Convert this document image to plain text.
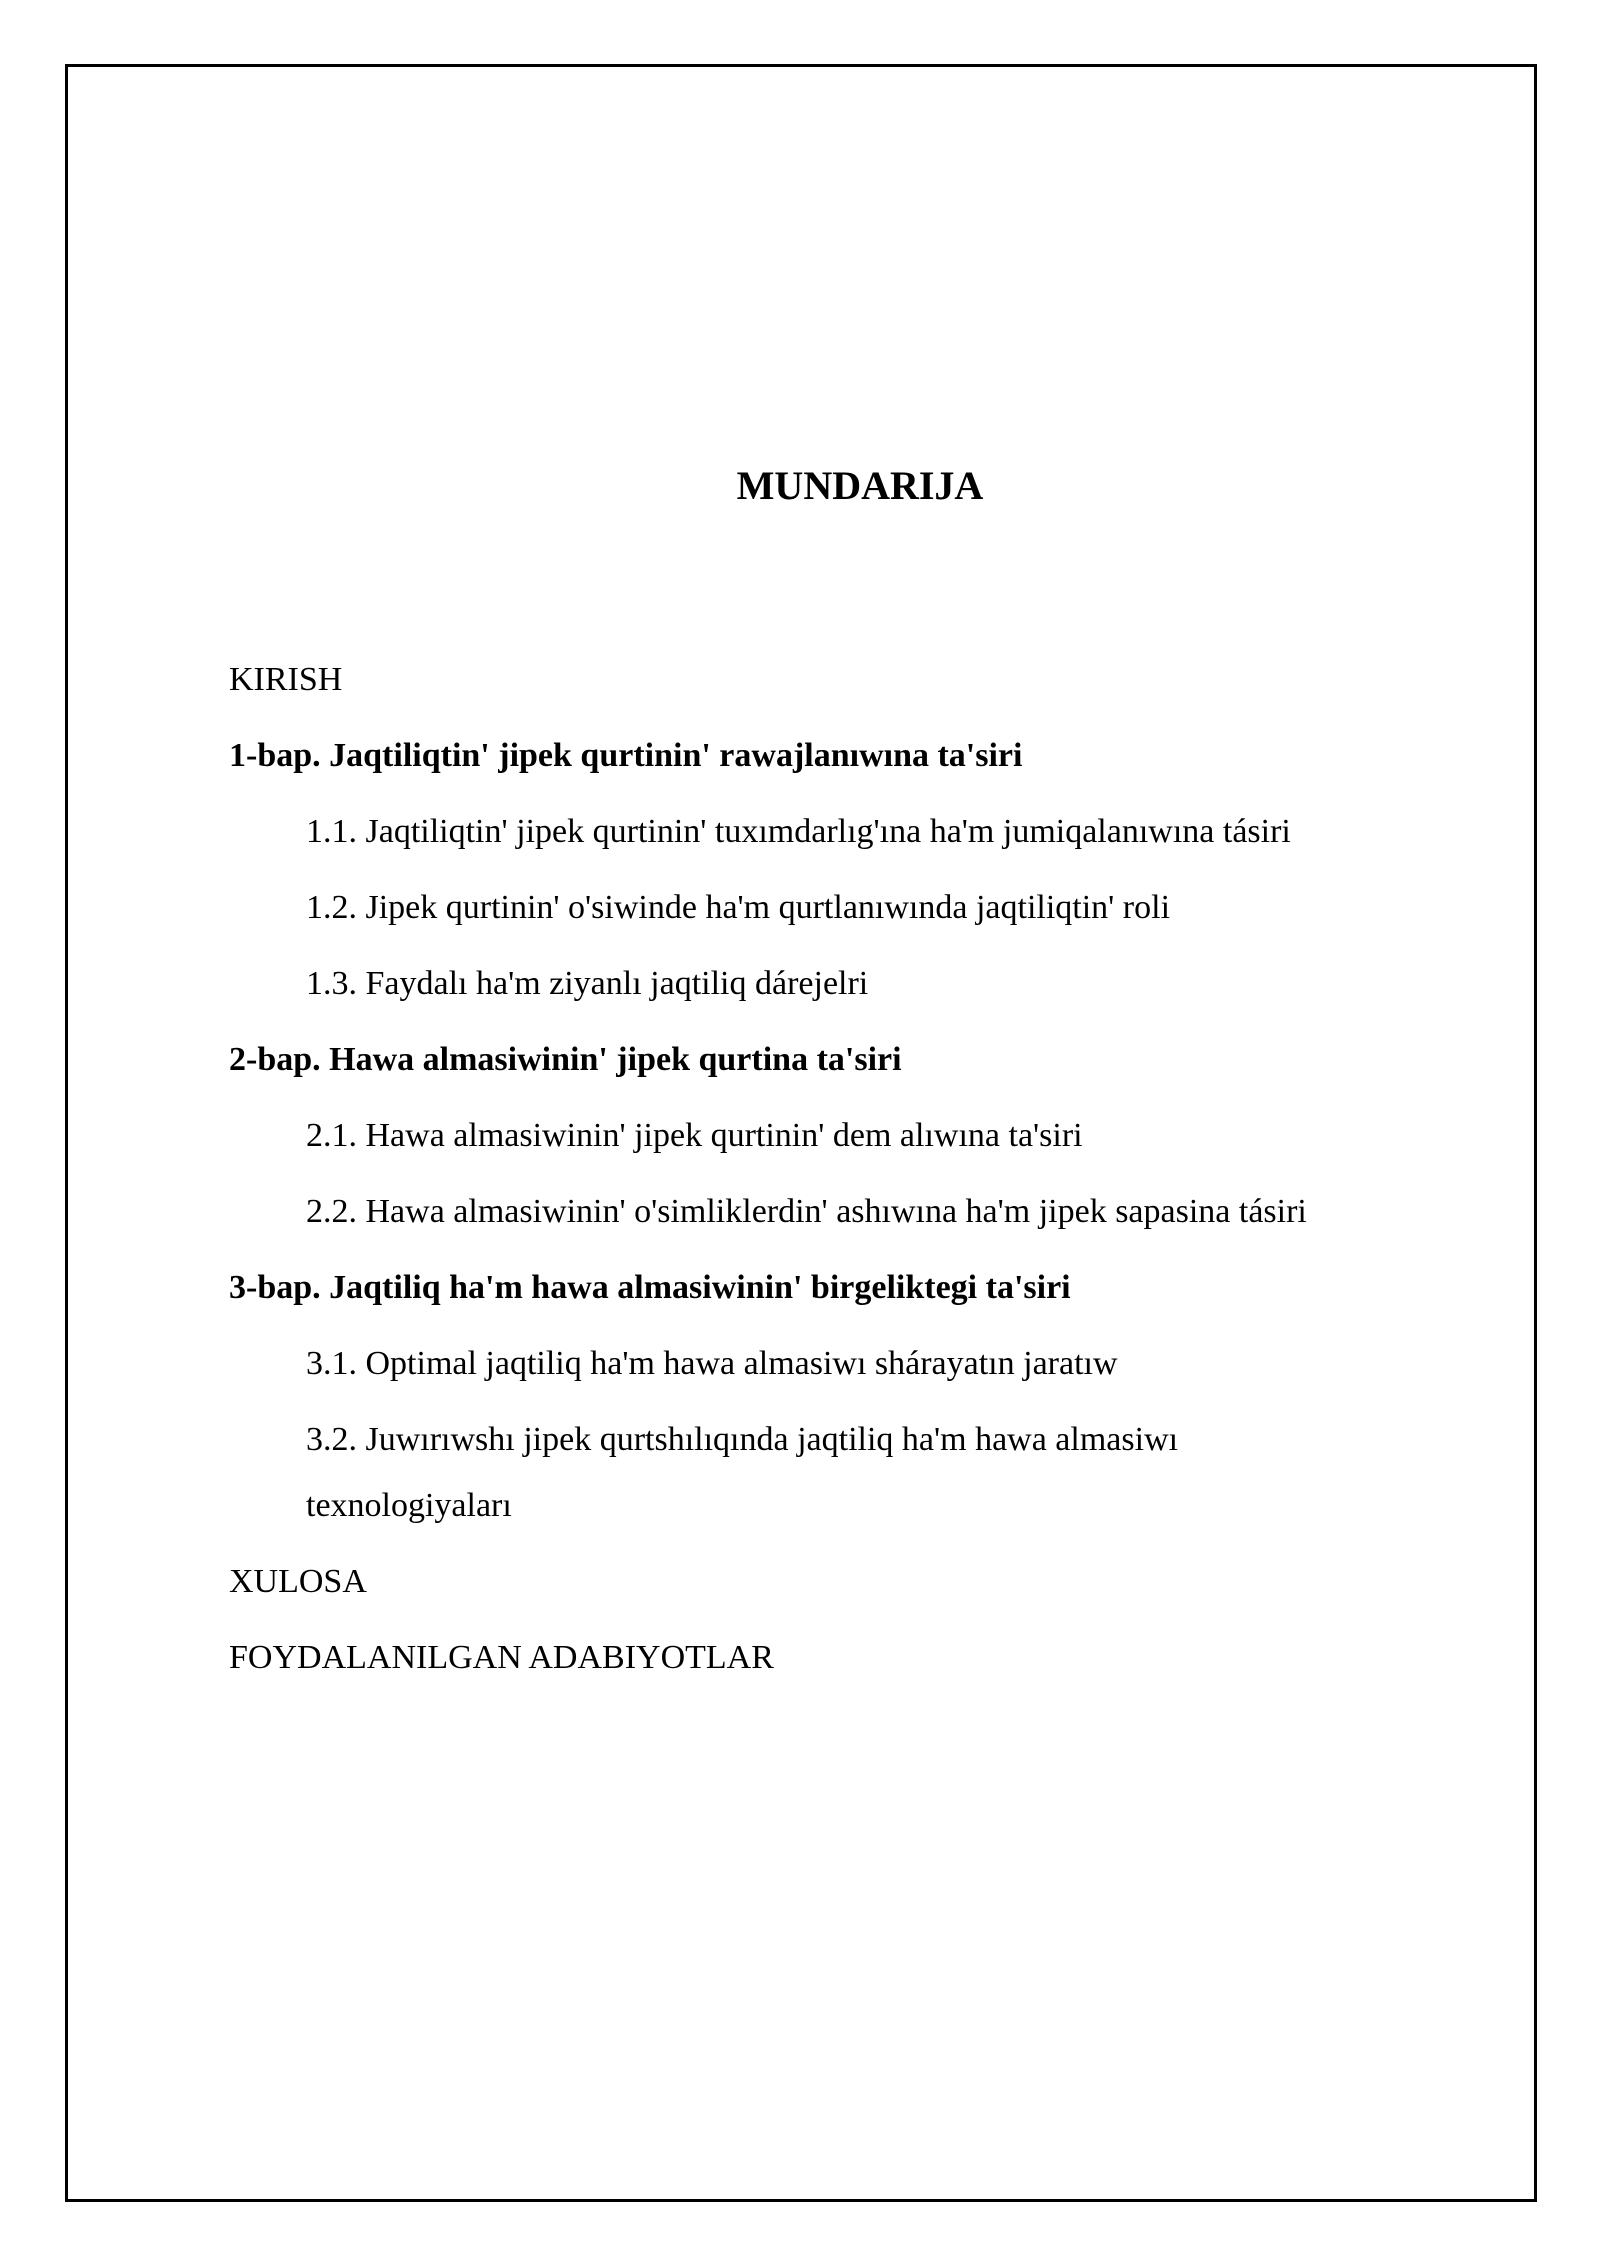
MUNDARIJA
KIRISH
1-bap. Jaqtiliqtin' jipek qurtinin' rawajlanıwına ta'siri
1.1. Jaqtiliqtin' jipek qurtinin' tuxımdarlıg'ına ha'm jumiqalanıwına tásiri
1.2. Jipek qurtinin' o'siwinde ha'm qurtlanıwında jaqtiliqtin' roli
1.3. Faydalı ha'm ziyanlı jaqtiliq dárejelri
2-bap. Hawa almasiwinin' jipek qurtina ta'siri
2.1. Hawa almasiwinin' jipek qurtinin' dem alıwına ta'siri
2.2. Hawa almasiwinin' o'simliklerdin' ashıwına ha'm jipek sapasina tásiri
3-bap. Jaqtiliq ha'm hawa almasiwinin' birgeliktegi ta'siri
3.1. Optimal jaqtiliq ha'm hawa almasiwı shárayatın jaratıw
3.2. Juwırıwshı jipek qurtshılıqında jaqtiliq ha'm hawa almasiwı texnologiyaları
XULOSA
FOYDALANILGAN ADABIYOTLAR
